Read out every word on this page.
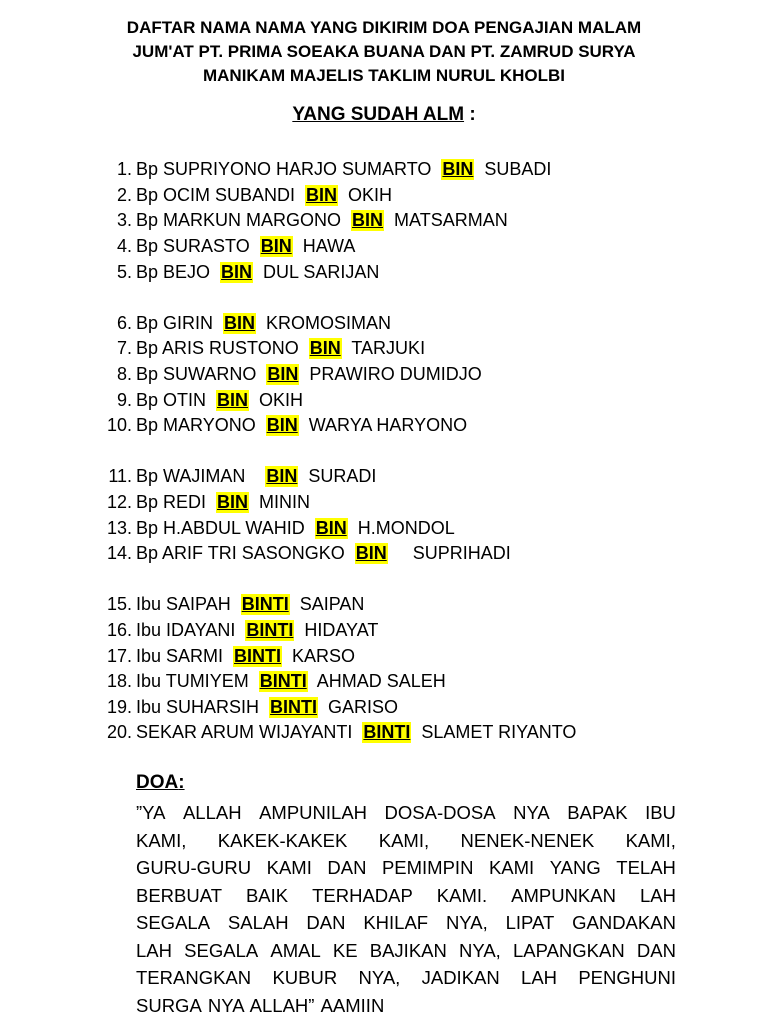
DAFTAR NAMA NAMA YANG DIKIRIM DOA PENGAJIAN MALAM
JUM'AT PT. PRIMA SOEAKA BUANA DAN PT. ZAMRUD SURYA
MANIKAM MAJELIS TAKLIM NURUL KHOLBI
YANG SUDAH ALM :
1. Bp SUPRIYONO HARJO SUMARTO BIN SUBADI
2. Bp OCIM SUBANDI BIN OKIH
3. Bp MARKUN MARGONO BIN MATSARMAN
4. Bp SURASTO BIN HAWA
5. Bp BEJO BIN DUL SARIJAN
6. Bp GIRIN BIN KROMOSIMAN
7. Bp ARIS RUSTONO BIN TARJUKI
8. Bp SUWARNO BIN PRAWIRO DUMIDJO
9. Bp OTIN BIN OKIH
10. Bp MARYONO BIN WARYA HARYONO
11. Bp WAJIMAN BIN SURADI
12. Bp REDI BIN MININ
13. Bp H.ABDUL WAHID BIN H.MONDOL
14. Bp ARIF TRI SASONGKO BIN SUPRIHADI
15. Ibu SAIPAH BINTI SAIPAN
16. Ibu IDAYANI BINTI HIDAYAT
17. Ibu SARMI BINTI KARSO
18. Ibu TUMIYEM BINTI AHMAD SALEH
19. Ibu SUHARSIH BINTI GARISO
20. SEKAR ARUM WIJAYANTI BINTI SLAMET RIYANTO
DOA:
”YA ALLAH AMPUNILAH DOSA-DOSA NYA BAPAK IBU
KAMI, KAKEK-KAKEK KAMI, NENEK-NENEK KAMI,
GURU-GURU KAMI DAN PEMIMPIN KAMI YANG TELAH
BERBUAT BAIK TERHADAP KAMI. AMPUNKAN LAH
SEGALA SALAH DAN KHILAF NYA, LIPAT GANDAKAN
LAH SEGALA AMAL KE BAJIKAN NYA, LAPANGKAN DAN
TERANGKAN KUBUR NYA, JADIKAN LAH PENGHUNI
SURGA NYA ALLAH” AAMIIN
